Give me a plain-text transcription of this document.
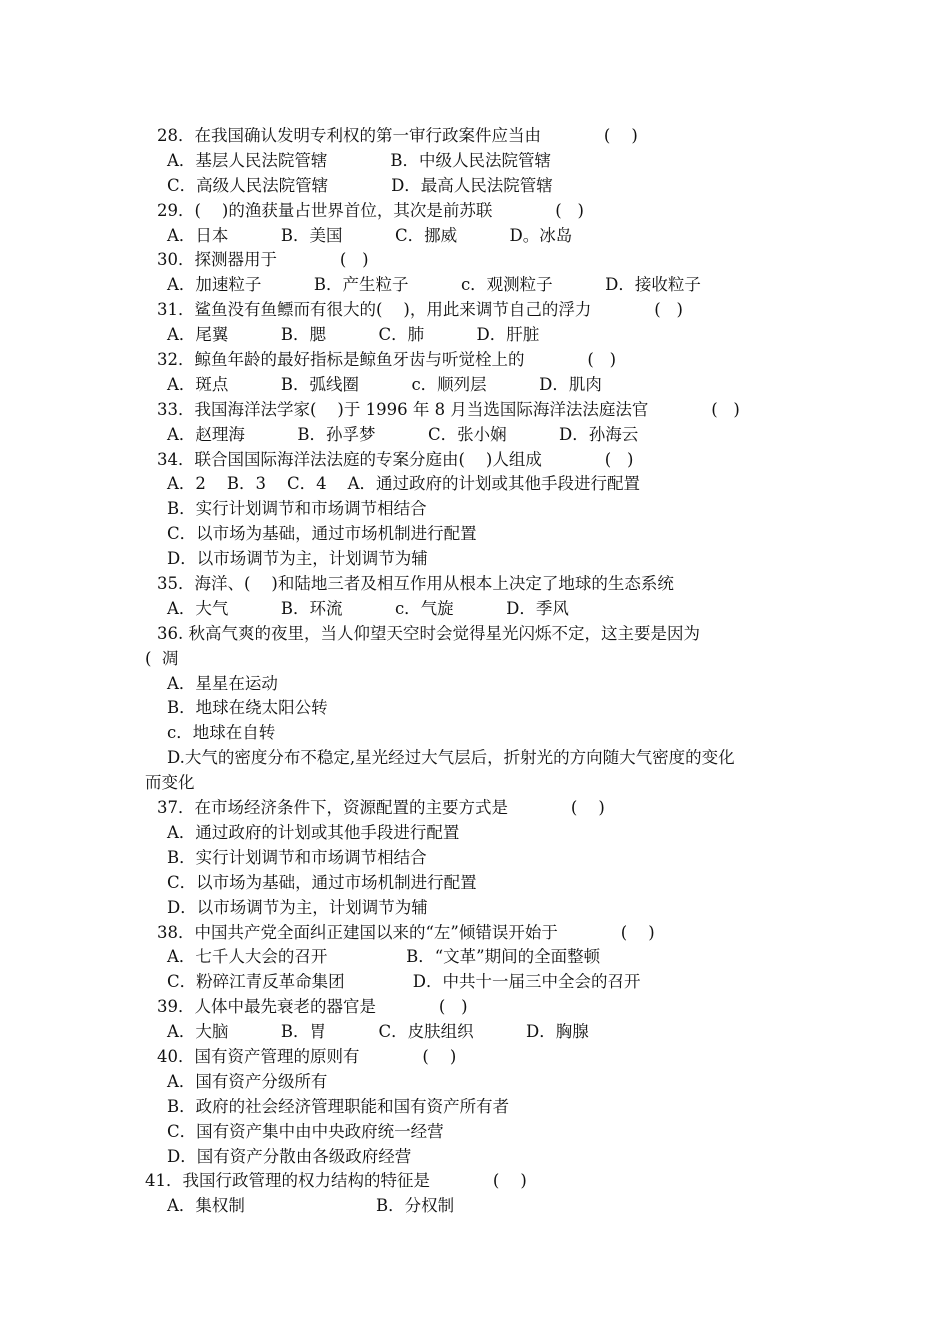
28．在我国确认发明专利权的第一审行政案件应当由            (    )
A．基层人民法院管辖            B．中级人民法院管辖
C．高级人民法院管辖            D．最高人民法院管辖
29．(    )的渔获量占世界首位，其次是前苏联            (   )
A．日本          B．美国          C．挪威          D。冰岛
30．探测器用于            (   )
A．加速粒子          B．产生粒子          c．观测粒子          D．接收粒子
31．鲨鱼没有鱼鳔而有很大的(    )，用此来调节自己的浮力            (   )
A．尾翼          B．腮          C．肺          D．肝脏
32．鲸鱼年龄的最好指标是鲸鱼牙齿与听觉栓上的            (   )
A．斑点          B．弧线圈          c．顺列层          D．肌肉
33．我国海洋法学家(    )于 1996 年 8 月当选国际海洋法法庭法官            (   )
A．赵理海          B．孙孚梦          C．张小娴          D．孙海云
34．联合国国际海洋法法庭的专案分庭由(    )人组成            (   )
A．2    B．3    C．4    A．通过政府的计划或其他手段进行配置
B．实行计划调节和市场调节相结合
C．以市场为基础，通过市场机制进行配置
D．以市场调节为主，计划调节为辅
35．海洋、(    )和陆地三者及相互作用从根本上决定了地球的生态系统
A．大气          B．环流          c．气旋          D．季风
36. 秋高气爽的夜里，当人仰望天空时会觉得星光闪烁不定，这主要是因为
(  凋
A．星星在运动
B．地球在绕太阳公转
c．地球在自转
D.大气的密度分布不稳定,星光经过大气层后，折射光的方向随大气密度的变化
而变化
37．在市场经济条件下，资源配置的主要方式是            (    )
A．通过政府的计划或其他手段进行配置
B．实行计划调节和市场调节相结合
C．以市场为基础，通过市场机制进行配置
D．以市场调节为主，计划调节为辅
38．中国共产党全面纠正建国以来的“左”倾错误开始于            (    )
A．七千人大会的召开               B．“文革”期间的全面整顿
C．粉碎江青反革命集团             D．中共十一届三中全会的召开
39．人体中最先衰老的器官是            (   )
A．大脑          B．胃          C．皮肤组织          D．胸腺
40．国有资产管理的原则有            (    )
A．国有资产分级所有
B．政府的社会经济管理职能和国有资产所有者
C．国有资产集中由中央政府统一经营
D．国有资产分散由各级政府经营
41．我国行政管理的权力结构的特征是            (    )
A．集权制                         B．分权制
